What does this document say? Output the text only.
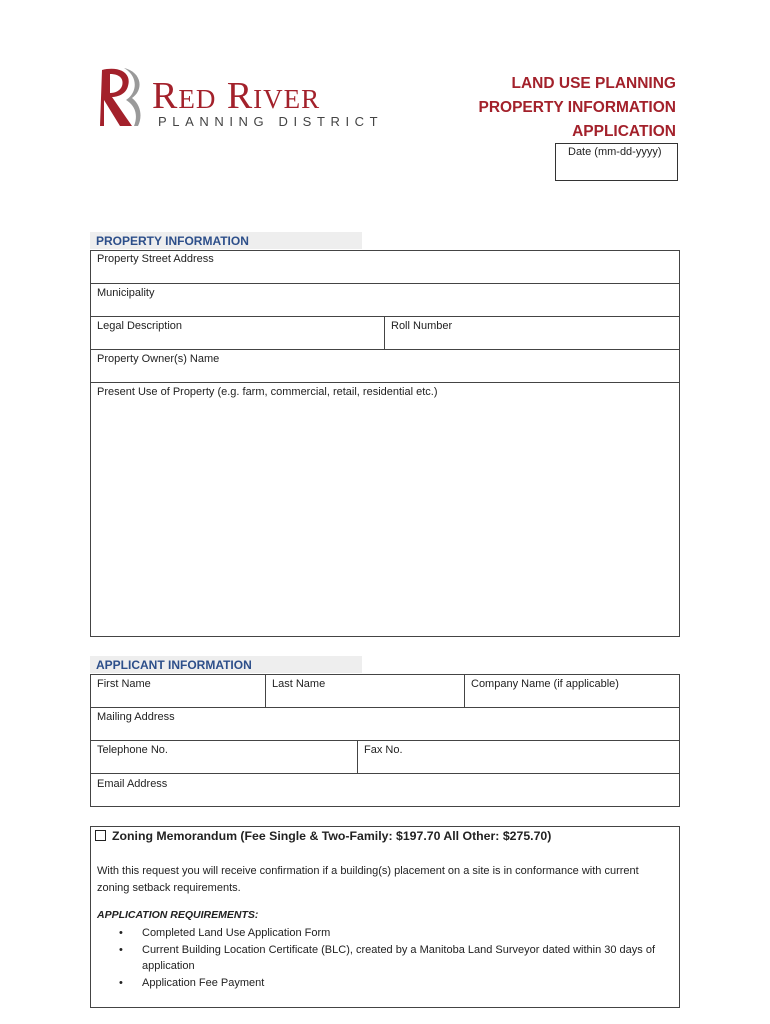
Red River
PLANNING DISTRICT
LAND USE PLANNING
PROPERTY INFORMATION
APPLICATION
Date (mm-dd-yyyy)
PROPERTY INFORMATION
Property Street Address
Municipality
Legal Description	Roll Number
Property Owner(s) Name
Present Use of Property (e.g. farm, commercial, retail, residential etc.)
APPLICANT INFORMATION
First Name	Last Name	Company Name (if applicable)
Mailing Address
Telephone No.	Fax No.
Email Address
Zoning Memorandum (Fee Single & Two-Family: $197.70 All Other: $275.70)
With this request you will receive confirmation if a building(s) placement on a site is in conformance with current zoning setback requirements.
APPLICATION REQUIREMENTS:
• Completed Land Use Application Form
• Current Building Location Certificate (BLC), created by a Manitoba Land Surveyor dated within 30 days of application
• Application Fee Payment
